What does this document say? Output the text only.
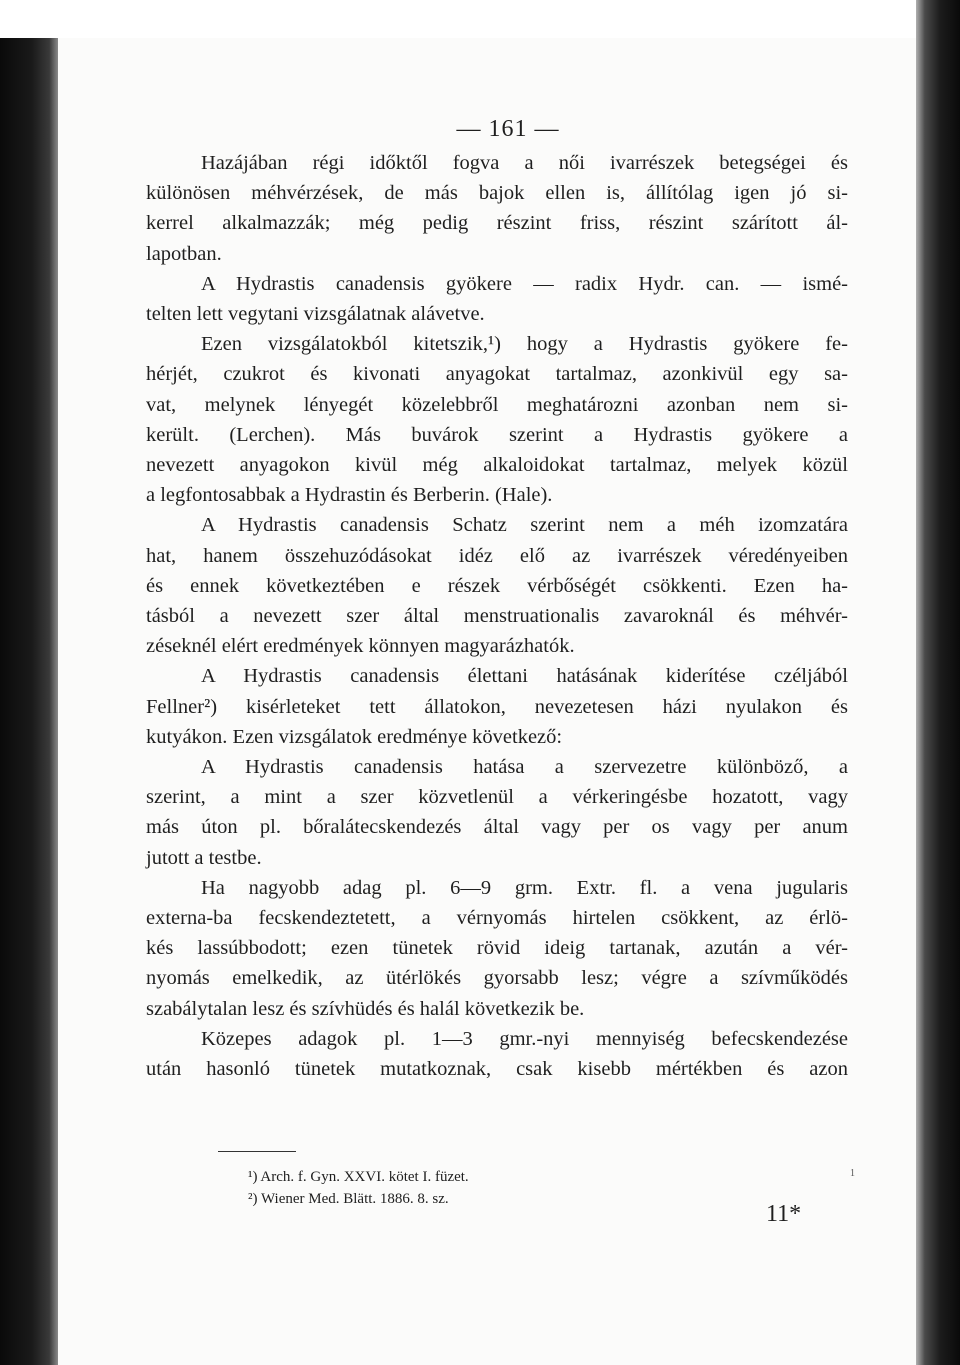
— 161 —
Hazájában régi időktől fogva a női ivarrészek betegségei és
különösen méhvérzések, de más bajok ellen is, állítólag igen jó si-
kerrel alkalmazzák; még pedig részint friss, részint szárított ál-
lapotban.
A Hydrastis canadensis gyökere — radix Hydr. can. — ismé-
telten lett vegytani vizsgálatnak alávetve.
Ezen vizsgálatokból kitetszik,¹) hogy a Hydrastis gyökere fe-
hérjét, czukrot és kivonati anyagokat tartalmaz, azonkivül egy sa-
vat, melynek lényegét közelebbről meghatározni azonban nem si-
került. (Lerchen). Más buvárok szerint a Hydrastis gyökere a
nevezett anyagokon kivül még alkaloidokat tartalmaz, melyek közül
a legfontosabbak a Hydrastin és Berberin. (Hale).
A Hydrastis canadensis Schatz szerint nem a méh izomzatára
hat, hanem összehuzódásokat idéz elő az ivarrészek véredényeiben
és ennek következtében e részek vérbőségét csökkenti. Ezen ha-
tásból a nevezett szer által menstruationalis zavaroknál és méhvér-
zéseknél elért eredmények könnyen magyarázhatók.
A Hydrastis canadensis élettani hatásának kiderítése czéljából
Fellner²) kisérleteket tett állatokon, nevezetesen házi nyulakon és
kutyákon. Ezen vizsgálatok eredménye következő:
A Hydrastis canadensis hatása a szervezetre különböző, a
szerint, a mint a szer közvetlenül a vérkeringésbe hozatott, vagy
más úton pl. bőralátecskendezés által vagy per os vagy per anum
jutott a testbe.
Ha nagyobb adag pl. 6—9 grm. Extr. fl. a vena jugularis
externa-ba fecskendeztetett, a vérnyomás hirtelen csökkent, az érlö-
kés lassúbbodott; ezen tünetek rövid ideig tartanak, azután a vér-
nyomás emelkedik, az ütérlökés gyorsabb lesz; végre a szívműködés
szabálytalan lesz és szívhüdés és halál következik be.
Közepes adagok pl. 1—3 gmr.-nyi mennyiség befecskendezése
után hasonló tünetek mutatkoznak, csak kisebb mértékben és azon
¹) Arch. f. Gyn. XXVI. kötet I. füzet.
²) Wiener Med. Blätt. 1886. 8. sz.
11*
1
